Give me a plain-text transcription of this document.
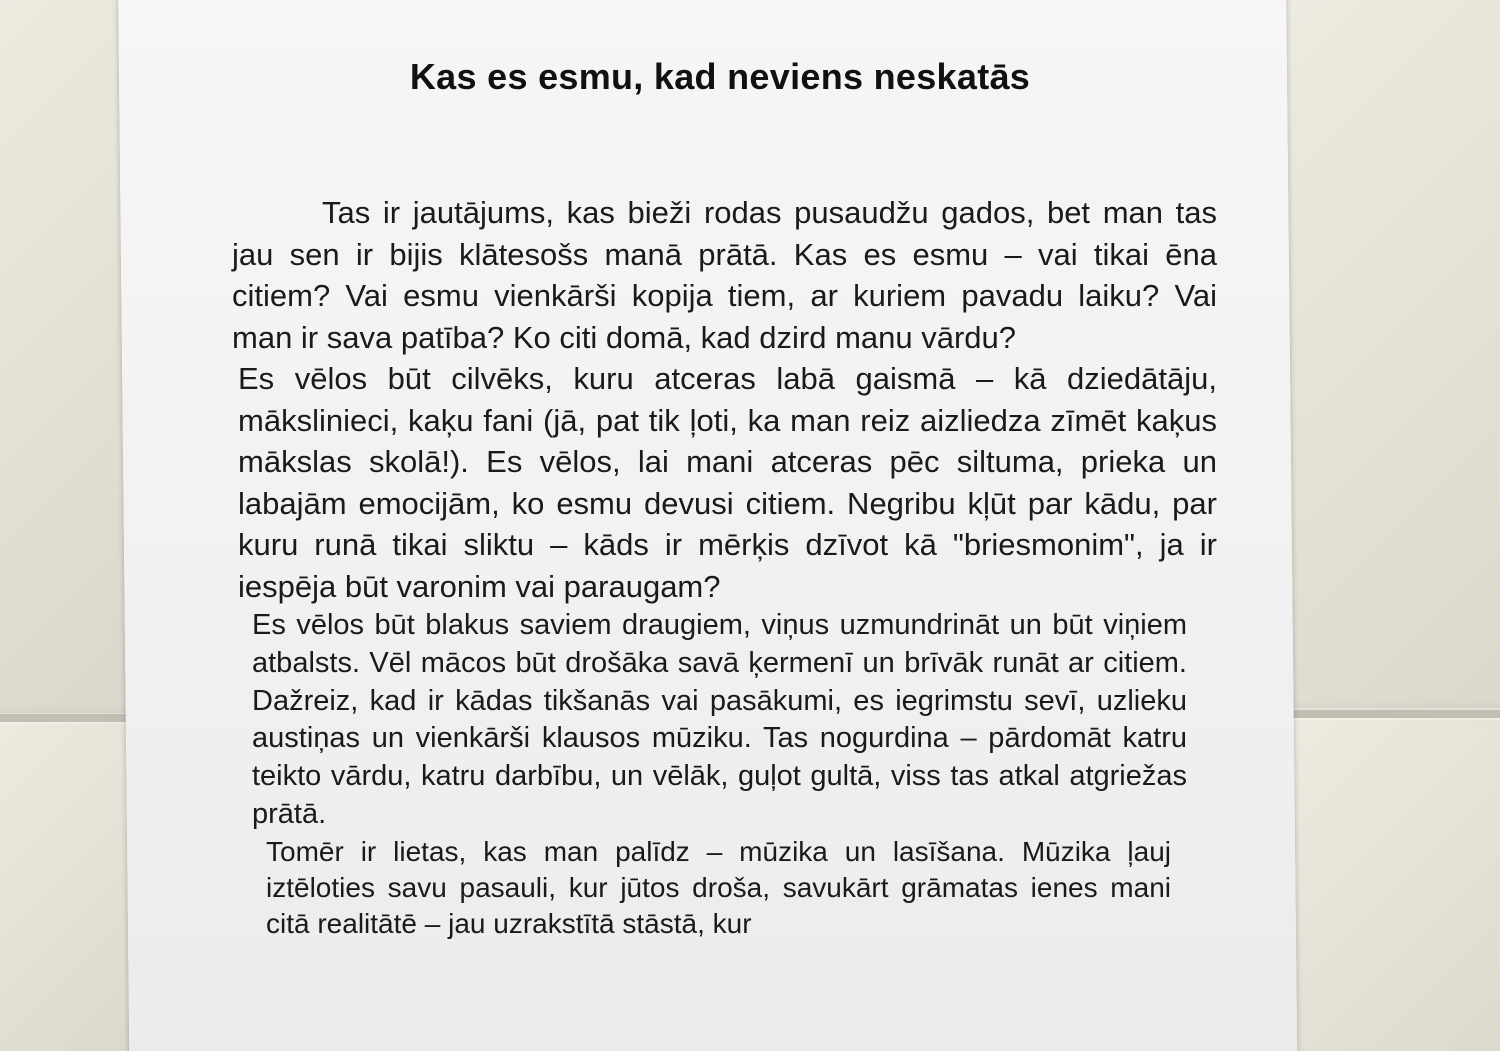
Kas es esmu, kad neviens neskatās

Tas ir jautājums, kas bieži rodas pusaudžu gados, bet man tas jau sen ir bijis klātesošs manā prātā. Kas es esmu – vai tikai ēna citiem? Vai esmu vienkārši kopija tiem, ar kuriem pavadu laiku? Vai man ir sava patība? Ko citi domā, kad dzird manu vārdu?

Es vēlos būt cilvēks, kuru atceras labā gaismā – kā dziedātāju, mākslinieci, kaķu fani (jā, pat tik ļoti, ka man reiz aizliedza zīmēt kaķus mākslas skolā!). Es vēlos, lai mani atceras pēc siltuma, prieka un labajām emocijām, ko esmu devusi citiem. Negribu kļūt par kādu, par kuru runā tikai sliktu – kāds ir mērķis dzīvot kā "briesmonim", ja ir iespēja būt varonim vai paraugam?

Es vēlos būt blakus saviem draugiem, viņus uzmundrināt un būt viņiem atbalsts. Vēl mācos būt drošāka savā ķermenī un brīvāk runāt ar citiem. Dažreiz, kad ir kādas tikšanās vai pasākumi, es iegrimstu sevī, uzlieku austiņas un vienkārši klausos mūziku. Tas nogurdina – pārdomāt katru teikto vārdu, katru darbību, un vēlāk, guļot gultā, viss tas atkal atgriežas prātā.

Tomēr ir lietas, kas man palīdz – mūzika un lasīšana. Mūzika ļauj iztēloties savu pasauli, kur jūtos droša, savukārt grāmatas ienes mani citā realitātē – jau uzrakstītā stāstā, kur
